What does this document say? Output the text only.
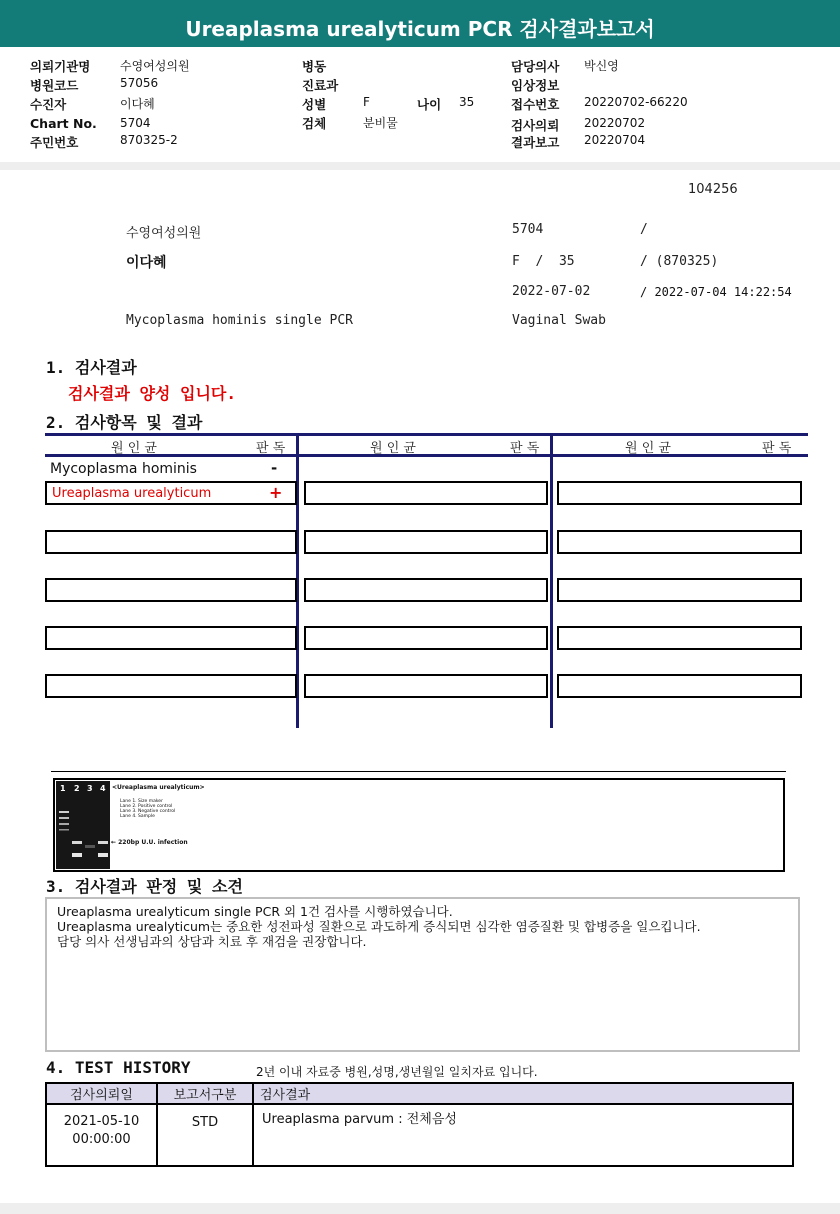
Ureaplasma urealyticum PCR 검사결과보고서
의뢰기관명 수영여성의원
병원코드	57056
수진자	이다혜
Chart No. 5704
주민번호	870325-2
병동
진료과
성별	F	나이 35
검체	분비물
담당의사 박신영
임상정보
접수번호 20220702-66220
검사의뢰 20220702
결과보고 20220704
104256
수영여성의원	5704	/
이다혜	F  /  35	/ (870325)
2022-07-02	/ 2022-07-04 14:22:54
Mycoplasma hominis single PCR	Vaginal Swab
1. 검사결과
검사결과 양성 입니다.
2. 검사항목 및 결과
원 인 균	판 독	원 인 균	판 독	원 인 균	판 독
Mycoplasma hominis	-
Ureaplasma urealyticum	+
1 2 3 4 <Ureaplasma urealyticum>
Lane 1. Size maker
Lane 2. Positive control
Lane 3. Negative control
Lane 4. Sample
← 220bp U.U. infection
3. 검사결과 판정 및 소견
Ureaplasma urealyticum single PCR 외 1건 검사를 시행하였습니다.
Ureaplasma urealyticum는 중요한 성전파성 질환으로 과도하게 증식되면 심각한 염증질환 및 합병증을 일으킵니다.
담당 의사 선생님과의 상담과 치료 후 재검을 권장합니다.
4. TEST HISTORY	2년 이내 자료중 병원,성명,생년월일 일치자료 입니다.
검사의뢰일	보고서구분	검사결과

2021-05-10
00:00:00	STD	Ureaplasma parvum : 전체음성
